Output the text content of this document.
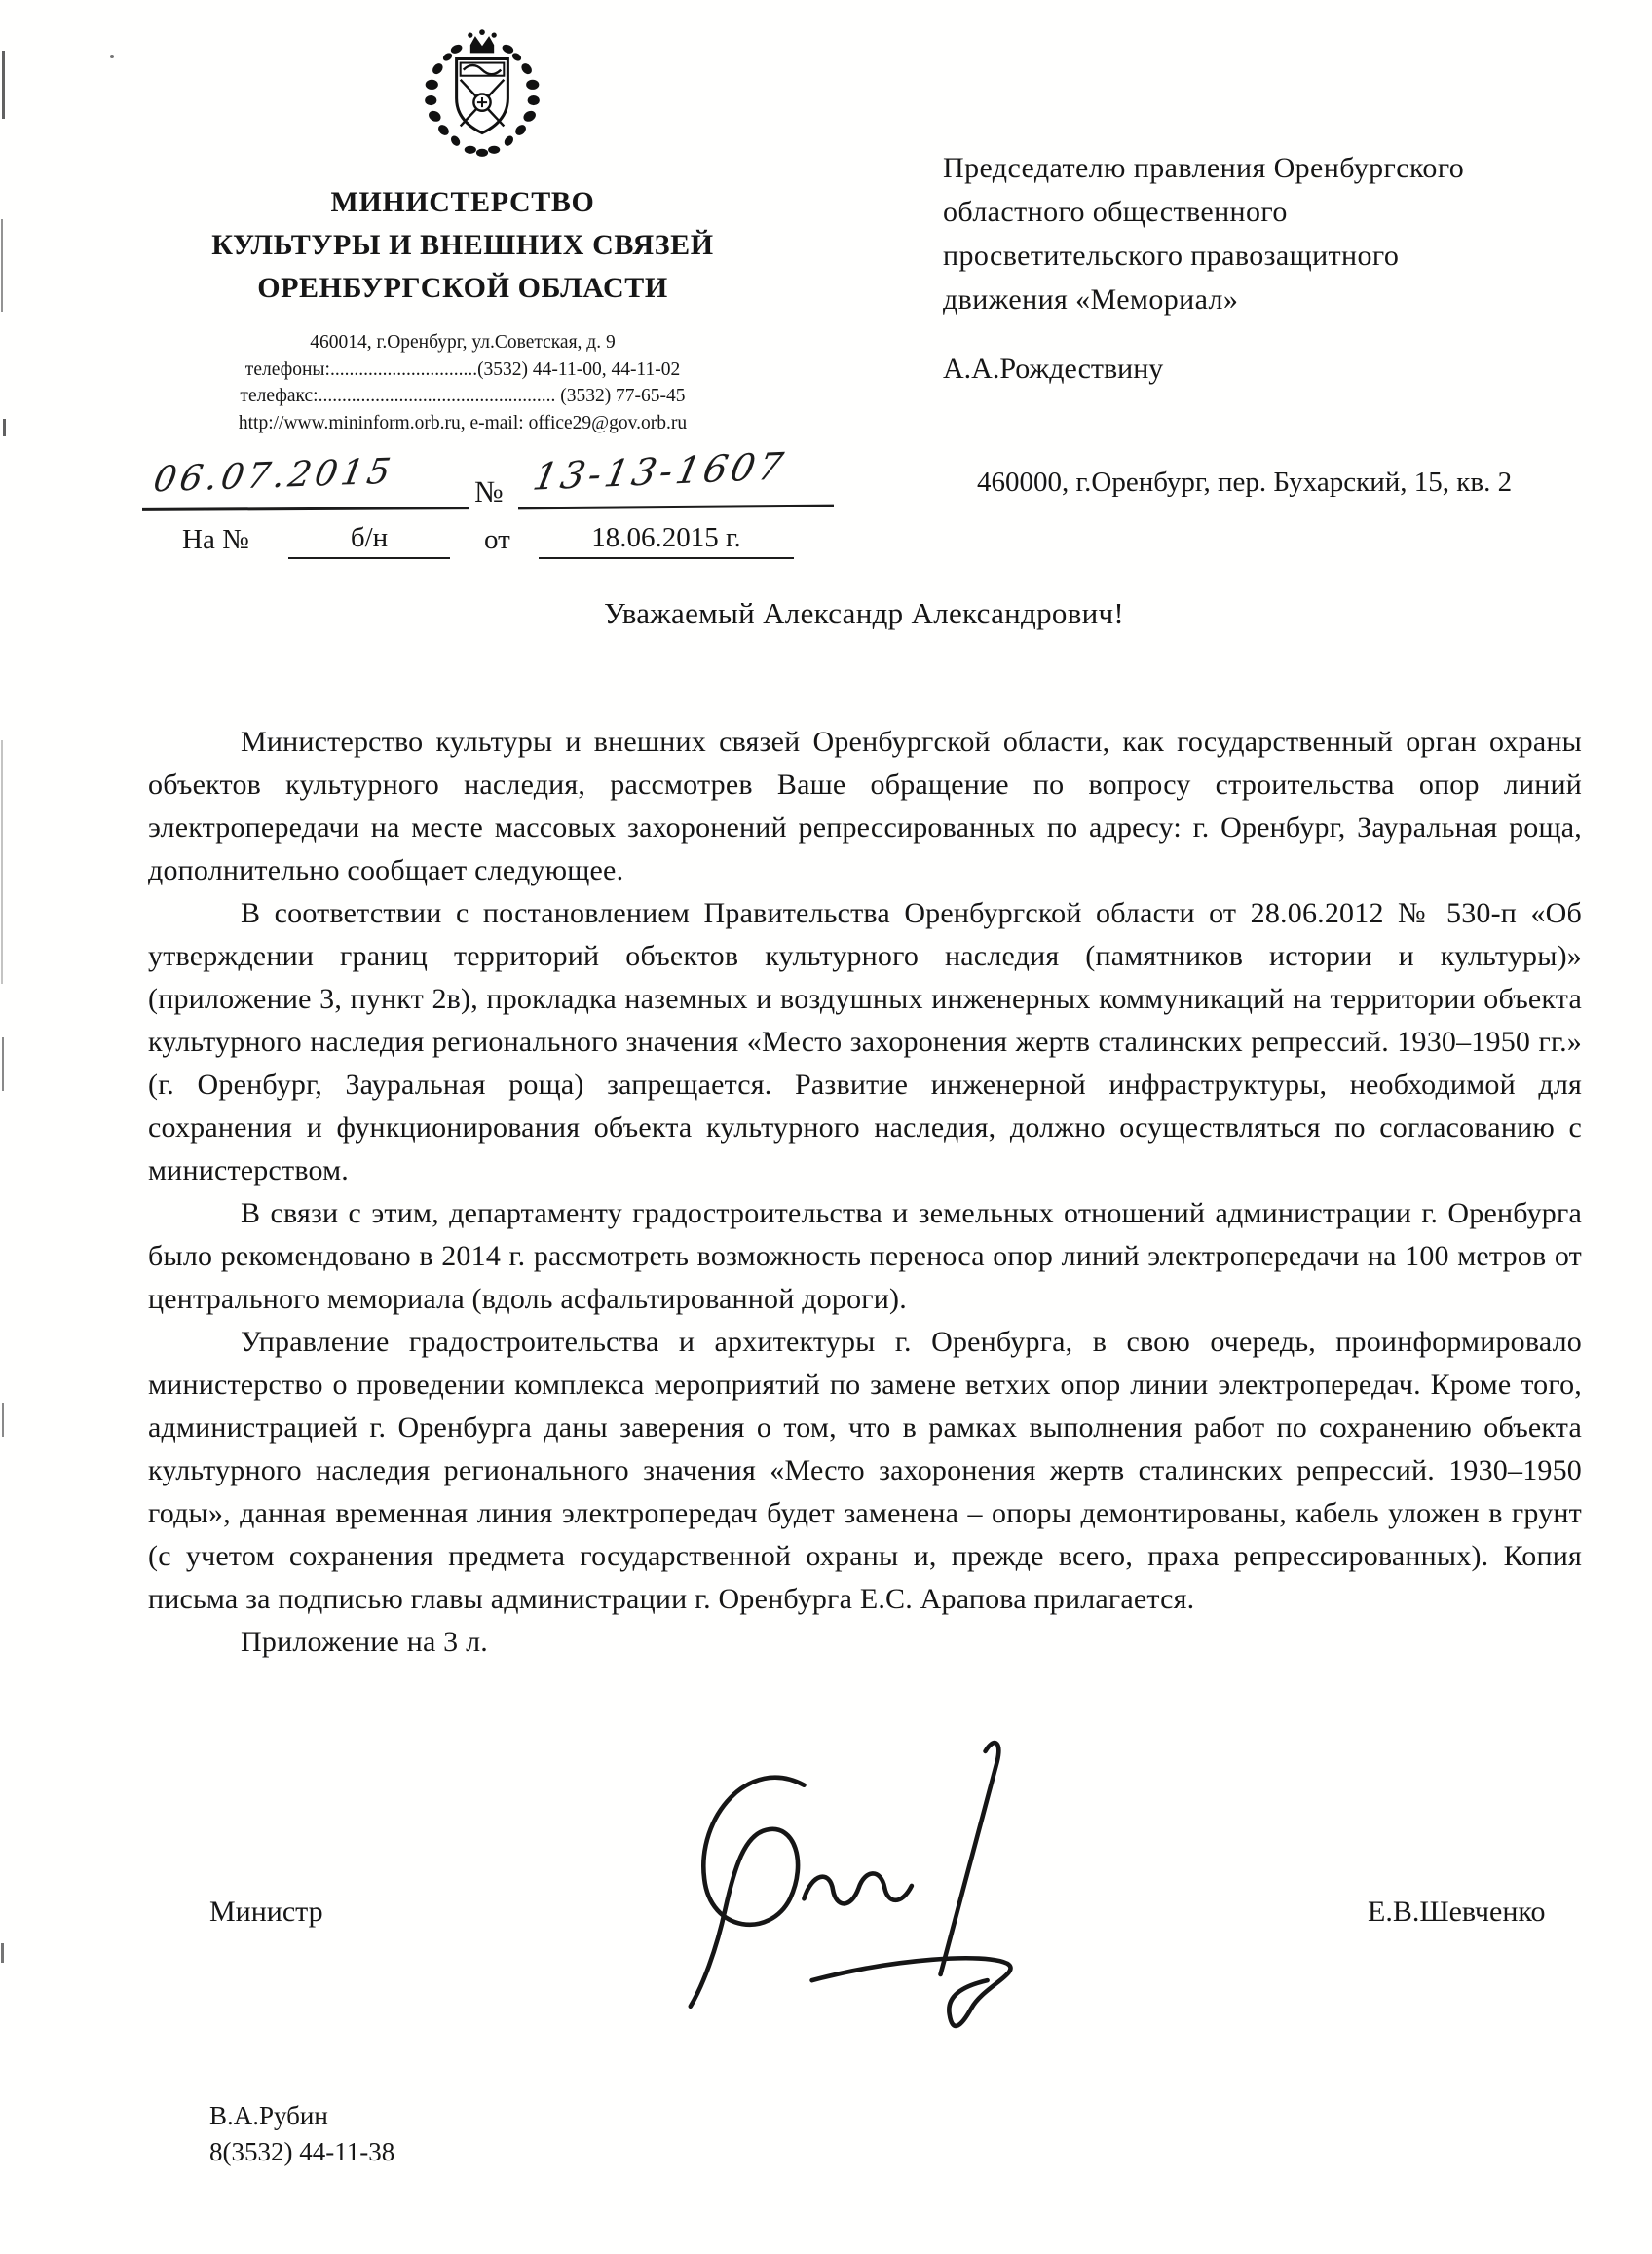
МИНИСТЕРСТВО
КУЛЬТУРЫ И ВНЕШНИХ СВЯЗЕЙ
ОРЕНБУРГСКОЙ ОБЛАСТИ
460014, г.Оренбург, ул.Советская, д. 9
телефоны:...............................(3532) 44-11-00, 44-11-02
телефакс:.................................................. (3532) 77-65-45
http://www.mininform.orb.ru, e-mail: office29@gov.orb.ru
Председателю правления Оренбургского
областного общественного
просветительского правозащитного
движения «Мемориал»
А.А.Рождествину
460000, г.Оренбург, пер. Бухарский, 15, кв. 2
06.07.2015	№ 13-13-1607
На №	б/н	от	18.06.2015 г.
Уважаемый Александр Александрович!

Министерство культуры и внешних связей Оренбургской области, как государственный орган охраны объектов культурного наследия, рассмотрев Ваше обращение по вопросу строительства опор линий электропередачи на месте массовых захоронений репрессированных по адресу: г. Оренбург, Зауральная роща, дополнительно сообщает следующее.

В соответствии с постановлением Правительства Оренбургской области от 28.06.2012 № 530-п «Об утверждении границ территорий объектов культурного наследия (памятников истории и культуры)» (приложение 3, пункт 2в), прокладка наземных и воздушных инженерных коммуникаций на территории объекта культурного наследия регионального значения «Место захоронения жертв сталинских репрессий. 1930–1950 гг.» (г. Оренбург, Зауральная роща) запрещается. Развитие инженерной инфраструктуры, необходимой для сохранения и функционирования объекта культурного наследия, должно осуществляться по согласованию с министерством.

В связи с этим, департаменту градостроительства и земельных отношений администрации г. Оренбурга было рекомендовано в 2014 г. рассмотреть возможность переноса опор линий электропередачи на 100 метров от центрального мемориала (вдоль асфальтированной дороги).

Управление градостроительства и архитектуры г. Оренбурга, в свою очередь, проинформировало министерство о проведении комплекса мероприятий по замене ветхих опор линии электропередач. Кроме того, администрацией г. Оренбурга даны заверения о том, что в рамках выполнения работ по сохранению объекта культурного наследия регионального значения «Место захоронения жертв сталинских репрессий. 1930–1950 годы», данная временная линия электропередач будет заменена – опоры демонтированы, кабель уложен в грунт (с учетом сохранения предмета государственной охраны и, прежде всего, праха репрессированных). Копия письма за подписью главы администрации г. Оренбурга Е.С. Арапова прилагается.

Приложение на 3 л.

Министр	Е.В.Шевченко
В.А.Рубин
8(3532) 44-11-38
